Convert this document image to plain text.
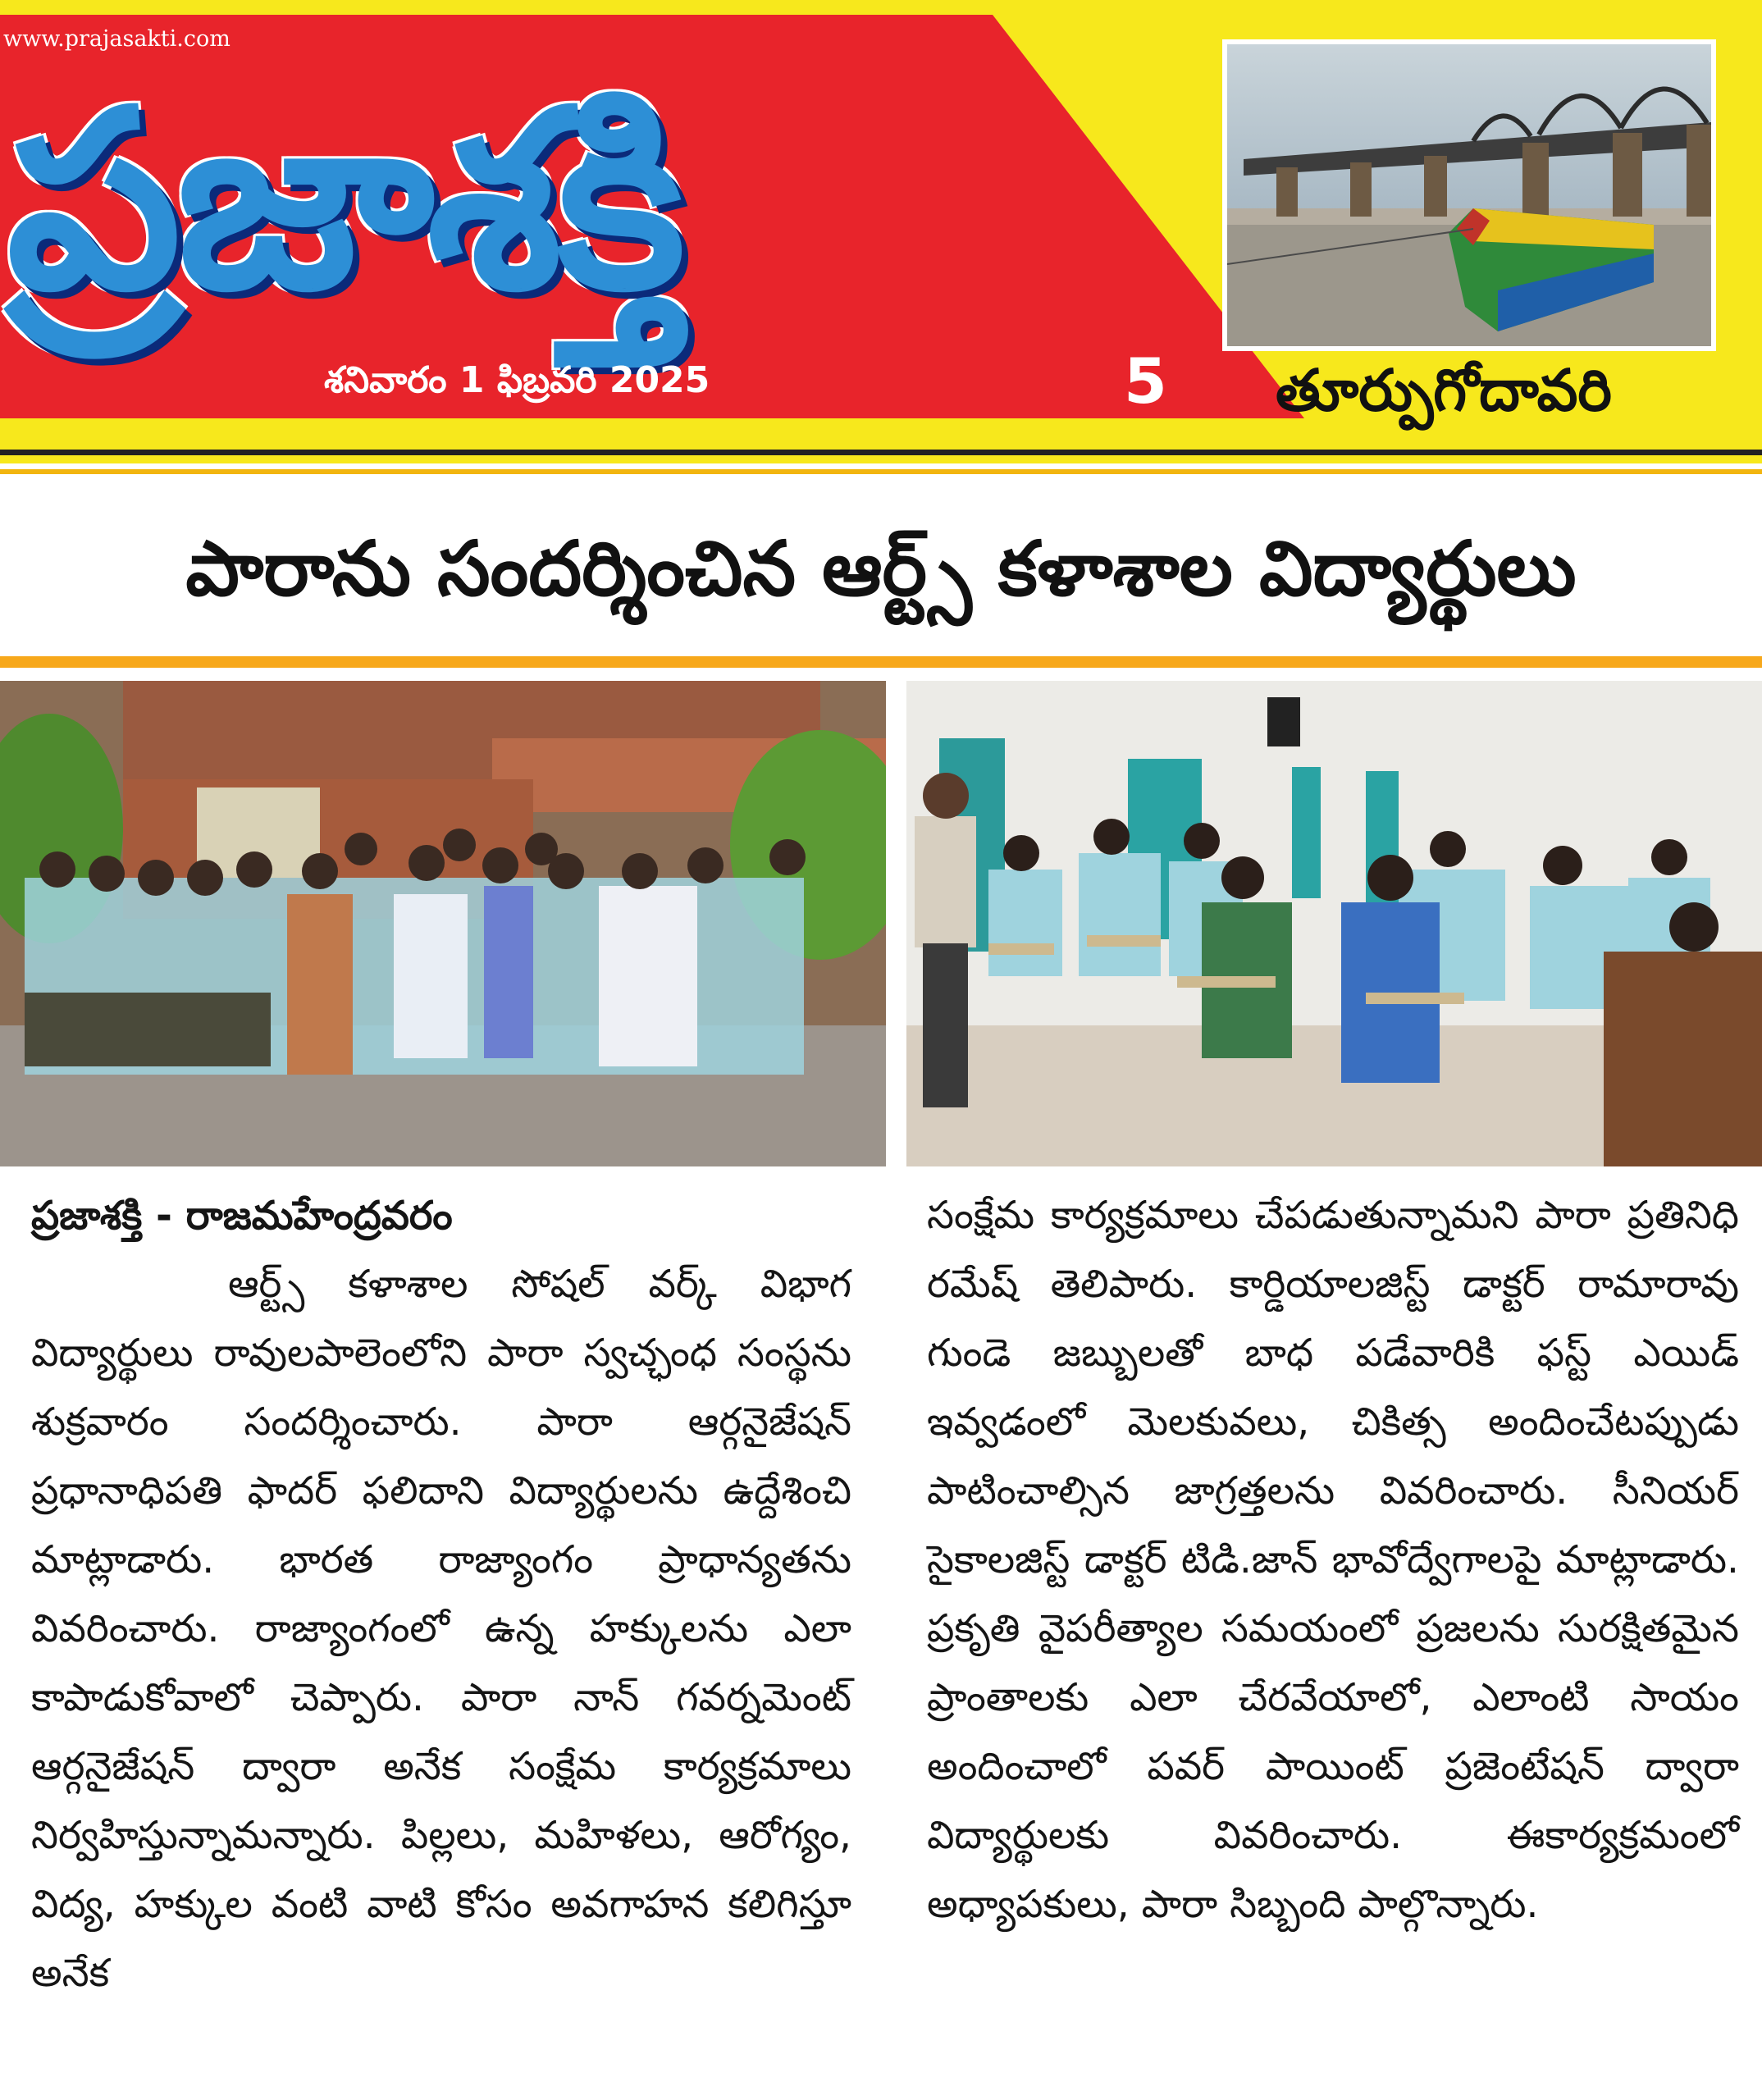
www.prajasakti.com
ప్రజాశక్తి
శనివారం 1 ఫిబ్రవరి 2025	5 తూర్పుగోదావరి
పారాను సందర్శించిన ఆర్ట్స్ కళాశాల విద్యార్థులు
ప్రజాశక్తి - రాజమహేంద్రవరం

ఆర్ట్స్ కళాశాల సోషల్ వర్క్ విభాగ విద్యార్థులు రావులపాలెంలోని పారా స్వచ్ఛంధ సంస్థను శుక్రవారం సందర్శించారు. పారా ఆర్గనైజేషన్ ప్రధానాధిపతి ఫాదర్ ఫలిదాని విద్యార్థులను ఉద్దేశించి మాట్లాడారు. భారత రాజ్యాంగం ప్రాధాన్యతను వివరించారు. రాజ్యాంగంలో ఉన్న హక్కులను ఎలా కాపాడుకోవాలో చెప్పారు. పారా నాన్ గవర్నమెంట్ ఆర్గనైజేషన్ ద్వారా అనేక సంక్షేమ కార్యక్రమాలు నిర్వహిస్తున్నామన్నారు. పిల్లలు, మహిళలు, ఆరోగ్యం, విద్య, హక్కుల వంటి వాటి కోసం అవగాహన కలిగిస్తూ అనేక

సంక్షేమ కార్యక్రమాలు చేపడుతున్నామని పారా ప్రతినిధి రమేష్ తెలిపారు. కార్డియాలజిస్ట్ డాక్టర్ రామారావు గుండె జబ్బులతో బాధ పడేవారికి ఫస్ట్ ఎయిడ్ ఇవ్వడంలో మెలకువలు, చికిత్స అందించేటప్పుడు పాటించాల్సిన జాగ్రత్తలను వివరించారు. సీనియర్ సైకాలజిస్ట్ డాక్టర్ టిడి.జాన్ భావోద్వేగాలపై మాట్లాడారు. ప్రకృతి వైపరీత్యాల సమయంలో ప్రజలను సురక్షితమైన ప్రాంతాలకు ఎలా చేరవేయాలో, ఎలాంటి సాయం అందించాలో పవర్ పాయింట్ ప్రజెంటేషన్ ద్వారా విద్యార్థులకు వివరించారు. ఈకార్యక్రమంలో అధ్యాపకులు, పారా సిబ్బంది పాల్గొన్నారు.
